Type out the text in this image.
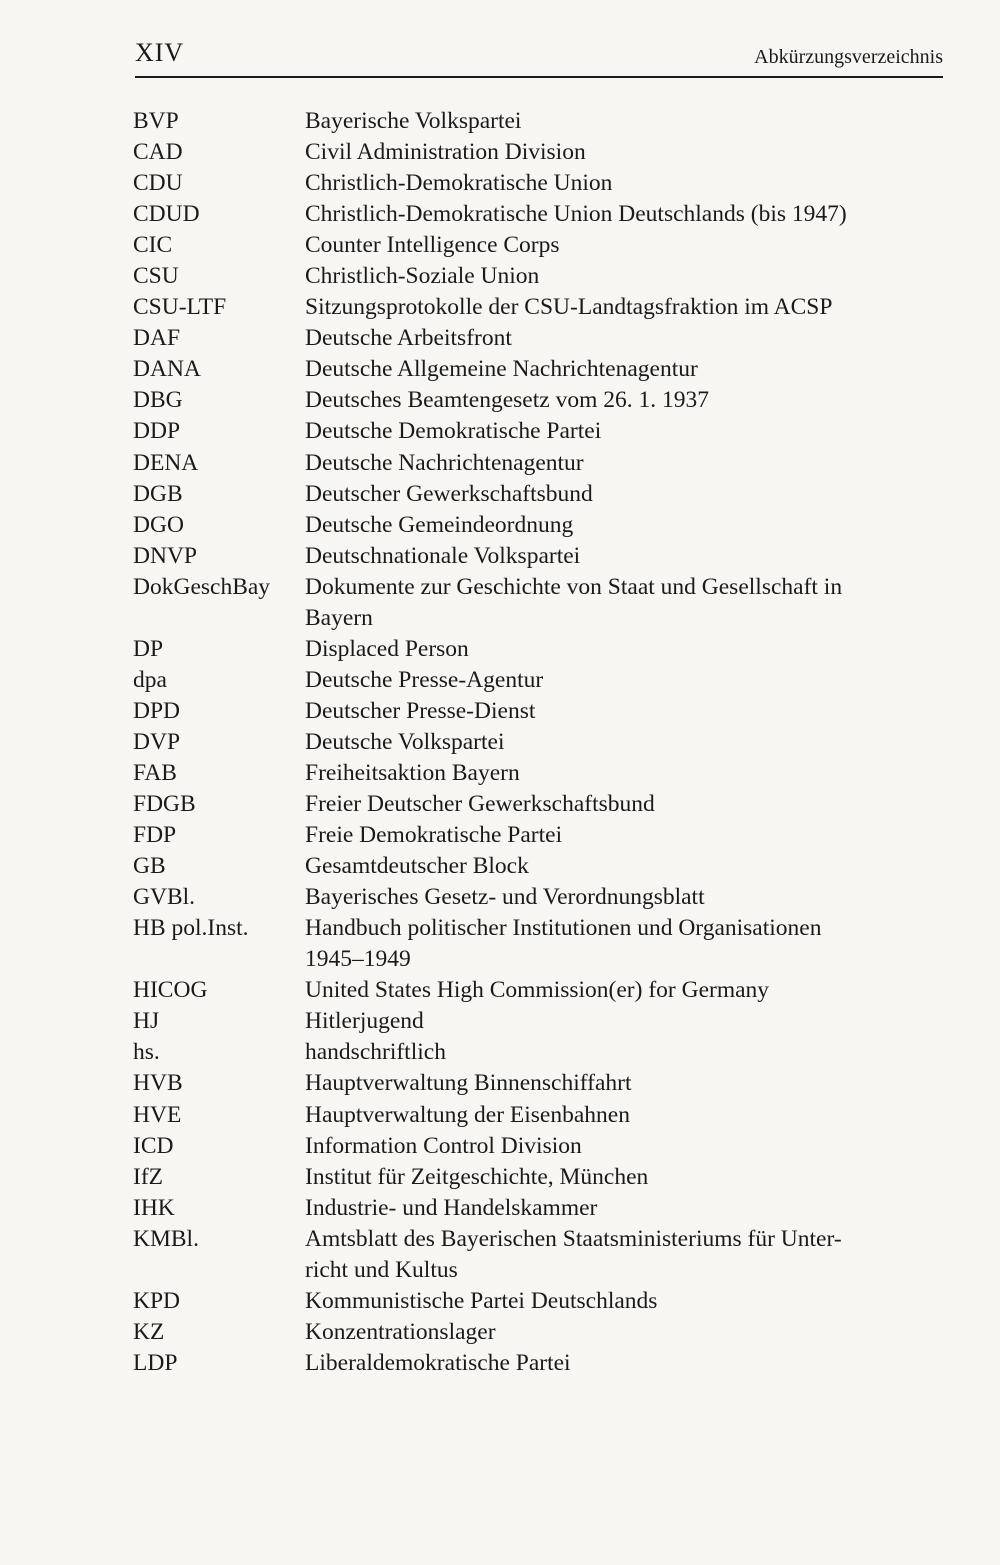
XIV	Abkürzungsverzeichnis
BVP	Bayerische Volkspartei
CAD	Civil Administration Division
CDU	Christlich-Demokratische Union
CDUD	Christlich-Demokratische Union Deutschlands (bis 1947)
CIC	Counter Intelligence Corps
CSU	Christlich-Soziale Union
CSU-LTF	Sitzungsprotokolle der CSU-Landtagsfraktion im ACSP
DAF	Deutsche Arbeitsfront
DANA	Deutsche Allgemeine Nachrichtenagentur
DBG	Deutsches Beamtengesetz vom 26. 1. 1937
DDP	Deutsche Demokratische Partei
DENA	Deutsche Nachrichtenagentur
DGB	Deutscher Gewerkschaftsbund
DGO	Deutsche Gemeindeordnung
DNVP	Deutschnationale Volkspartei
DokGeschBay	Dokumente zur Geschichte von Staat und Gesellschaft in
Bayern
DP	Displaced Person
dpa	Deutsche Presse-Agentur
DPD	Deutscher Presse-Dienst
DVP	Deutsche Volkspartei
FAB	Freiheitsaktion Bayern
FDGB	Freier Deutscher Gewerkschaftsbund
FDP	Freie Demokratische Partei
GB	Gesamtdeutscher Block
GVBl.	Bayerisches Gesetz- und Verordnungsblatt
HB pol.Inst.	Handbuch politischer Institutionen und Organisationen
1945–1949
HICOG	United States High Commission(er) for Germany
HJ	Hitlerjugend
hs.	handschriftlich
HVB	Hauptverwaltung Binnenschiffahrt
HVE	Hauptverwaltung der Eisenbahnen
ICD	Information Control Division
IfZ	Institut für Zeitgeschichte, München
IHK	Industrie- und Handelskammer
KMBl.	Amtsblatt des Bayerischen Staatsministeriums für Unter-
richt und Kultus
KPD	Kommunistische Partei Deutschlands
KZ	Konzentrationslager
LDP	Liberaldemokratische Partei
